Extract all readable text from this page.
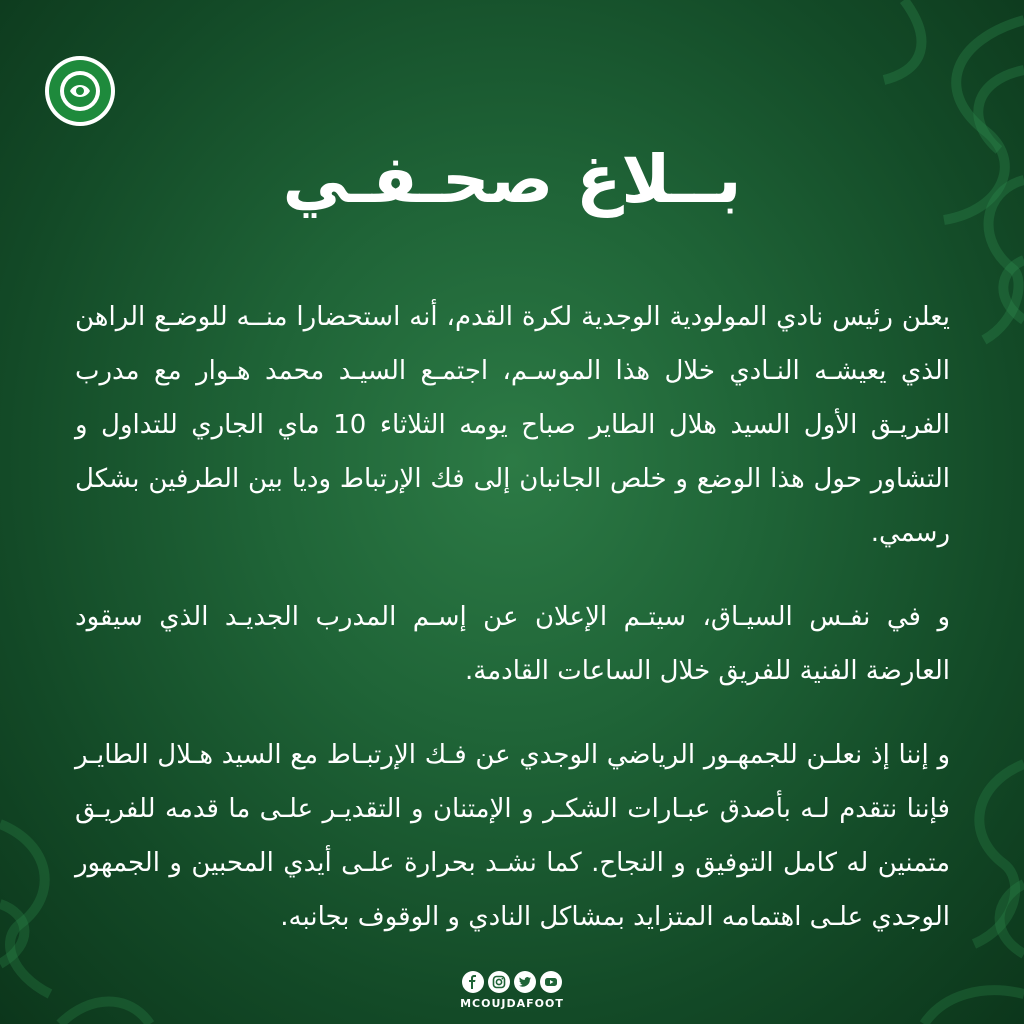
بــلاغ صحـفـي

يعلن رئيس نادي المولودية الوجدية لكرة القدم، أنه استحضارا منــه للوضـع الراهن الذي يعيشـه النـادي خلال هذا الموسـم، اجتمـع السيـد محمد هـوار مع مدرب الفريـق الأول السيد هلال الطاير صباح يومه الثلاثاء 10 ماي الجاري للتداول و التشاور حول هذا الوضع و خلص الجانبان إلى فك الإرتباط وديا بين الطرفين بشكل رسمي.

و في نفـس السيـاق، سيتـم الإعلان عن إسـم المدرب الجديـد الذي سيقود العارضة الفنية للفريق خلال الساعات القادمة.

و إننا إذ نعلـن للجمهـور الرياضي الوجدي عن فـك الإرتبـاط مع السيد هـلال الطايـر فإننا نتقدم لـه بأصدق عبـارات الشكـر و الإمتنان و التقديـر علـى ما قدمه للفريـق متمنين له كامل التوفيق و النجاح. كما نشـد بحرارة علـى أيدي المحبين و الجمهور الوجدي علـى اهتمامه المتزايد بمشاكل النادي و الوقوف بجانبه.

MCOUJDAFOOT
